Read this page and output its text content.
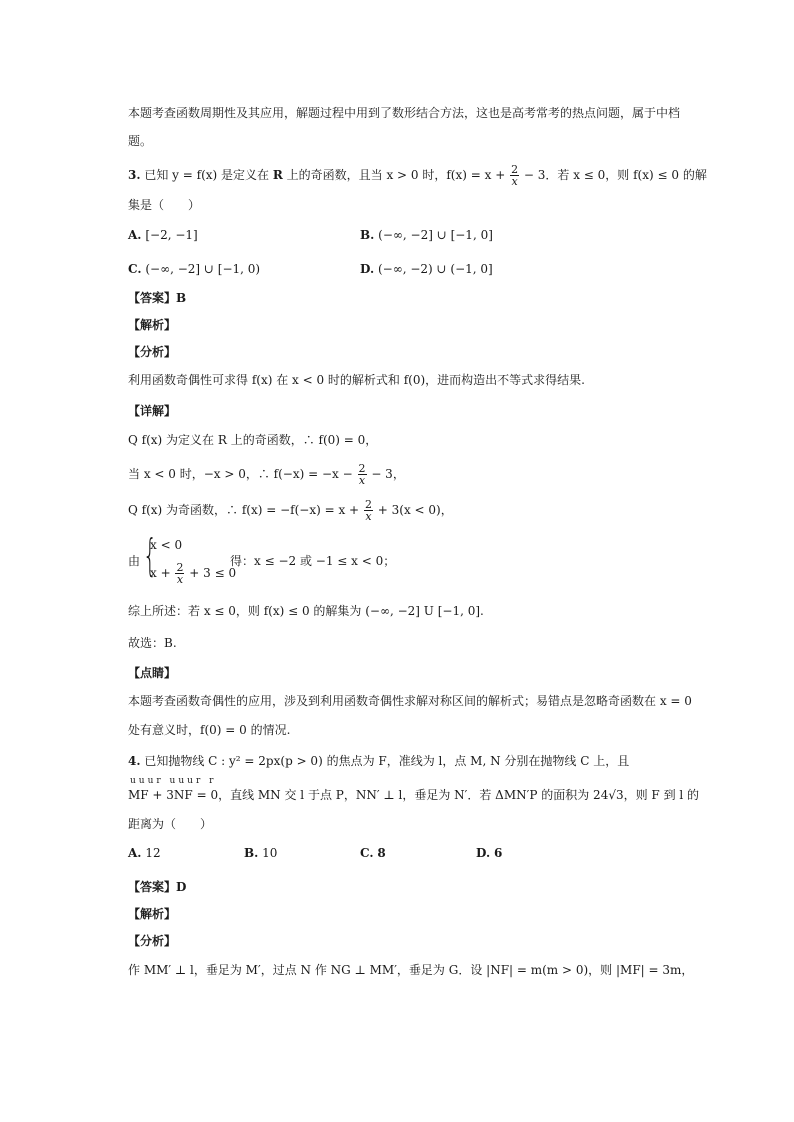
本题考查函数周期性及其应用，解题过程中用到了数形结合方法，这也是高考常考的热点问题，属于中档
题。
3. 已知 y = f(x) 是定义在 R 上的奇函数，且当 x > 0 时，$f(x) = x + \frac{2}{x} - 3$．若 x ≤ 0，则 f(x) ≤ 0 的解
集是（　　）
A. [−2, −1]	B. (−∞, −2] ∪ [−1, 0]
C. (−∞, −2] ∪ [−1, 0)	D. (−∞, −2) ∪ (−1, 0]
【答案】B
【解析】
【分析】
利用函数奇偶性可求得 f(x) 在 x < 0 时的解析式和 f(0)，进而构造出不等式求得结果.
【详解】
Q f(x) 为定义在 R 上的奇函数，∴ f(0) = 0，
当 x < 0 时，−x > 0，∴ $f(-x) = -x - \frac{2}{x} - 3$，
Q f(x) 为奇函数，∴ $f(x) = -f(-x) = x + \frac{2}{x} + 3(x < 0)$，
由 {
x < 0
$x + \frac{2}{x} + 3 \le 0$
得：x ≤ −2 或 −1 ≤ x < 0；
综上所述：若 x ≤ 0，则 f(x) ≤ 0 的解集为 (−∞, −2] U [−1, 0].
故选：B.
【点睛】
本题考查函数奇偶性的应用，涉及到利用函数奇偶性求解对称区间的解析式；易错点是忽略奇函数在 x = 0
处有意义时，f(0) = 0 的情况.
4. 已知抛物线 C : y² = 2px(p > 0) 的焦点为 F，准线为 l，点 M, N 分别在抛物线 C 上，且
uuur uuur r
MF + 3NF = 0，直线 MN 交 l 于点 P，NN′ ⊥ l，垂足为 N′．若 ΔMN′P 的面积为 24√3，则 F 到 l 的
距离为（　　）
A. 12	B. 10	C. 8	D. 6
【答案】D
【解析】
【分析】
作 MM′ ⊥ l，垂足为 M′，过点 N 作 NG ⊥ MM′，垂足为 G．设 |NF| = m(m > 0)，则 |MF| = 3m，
